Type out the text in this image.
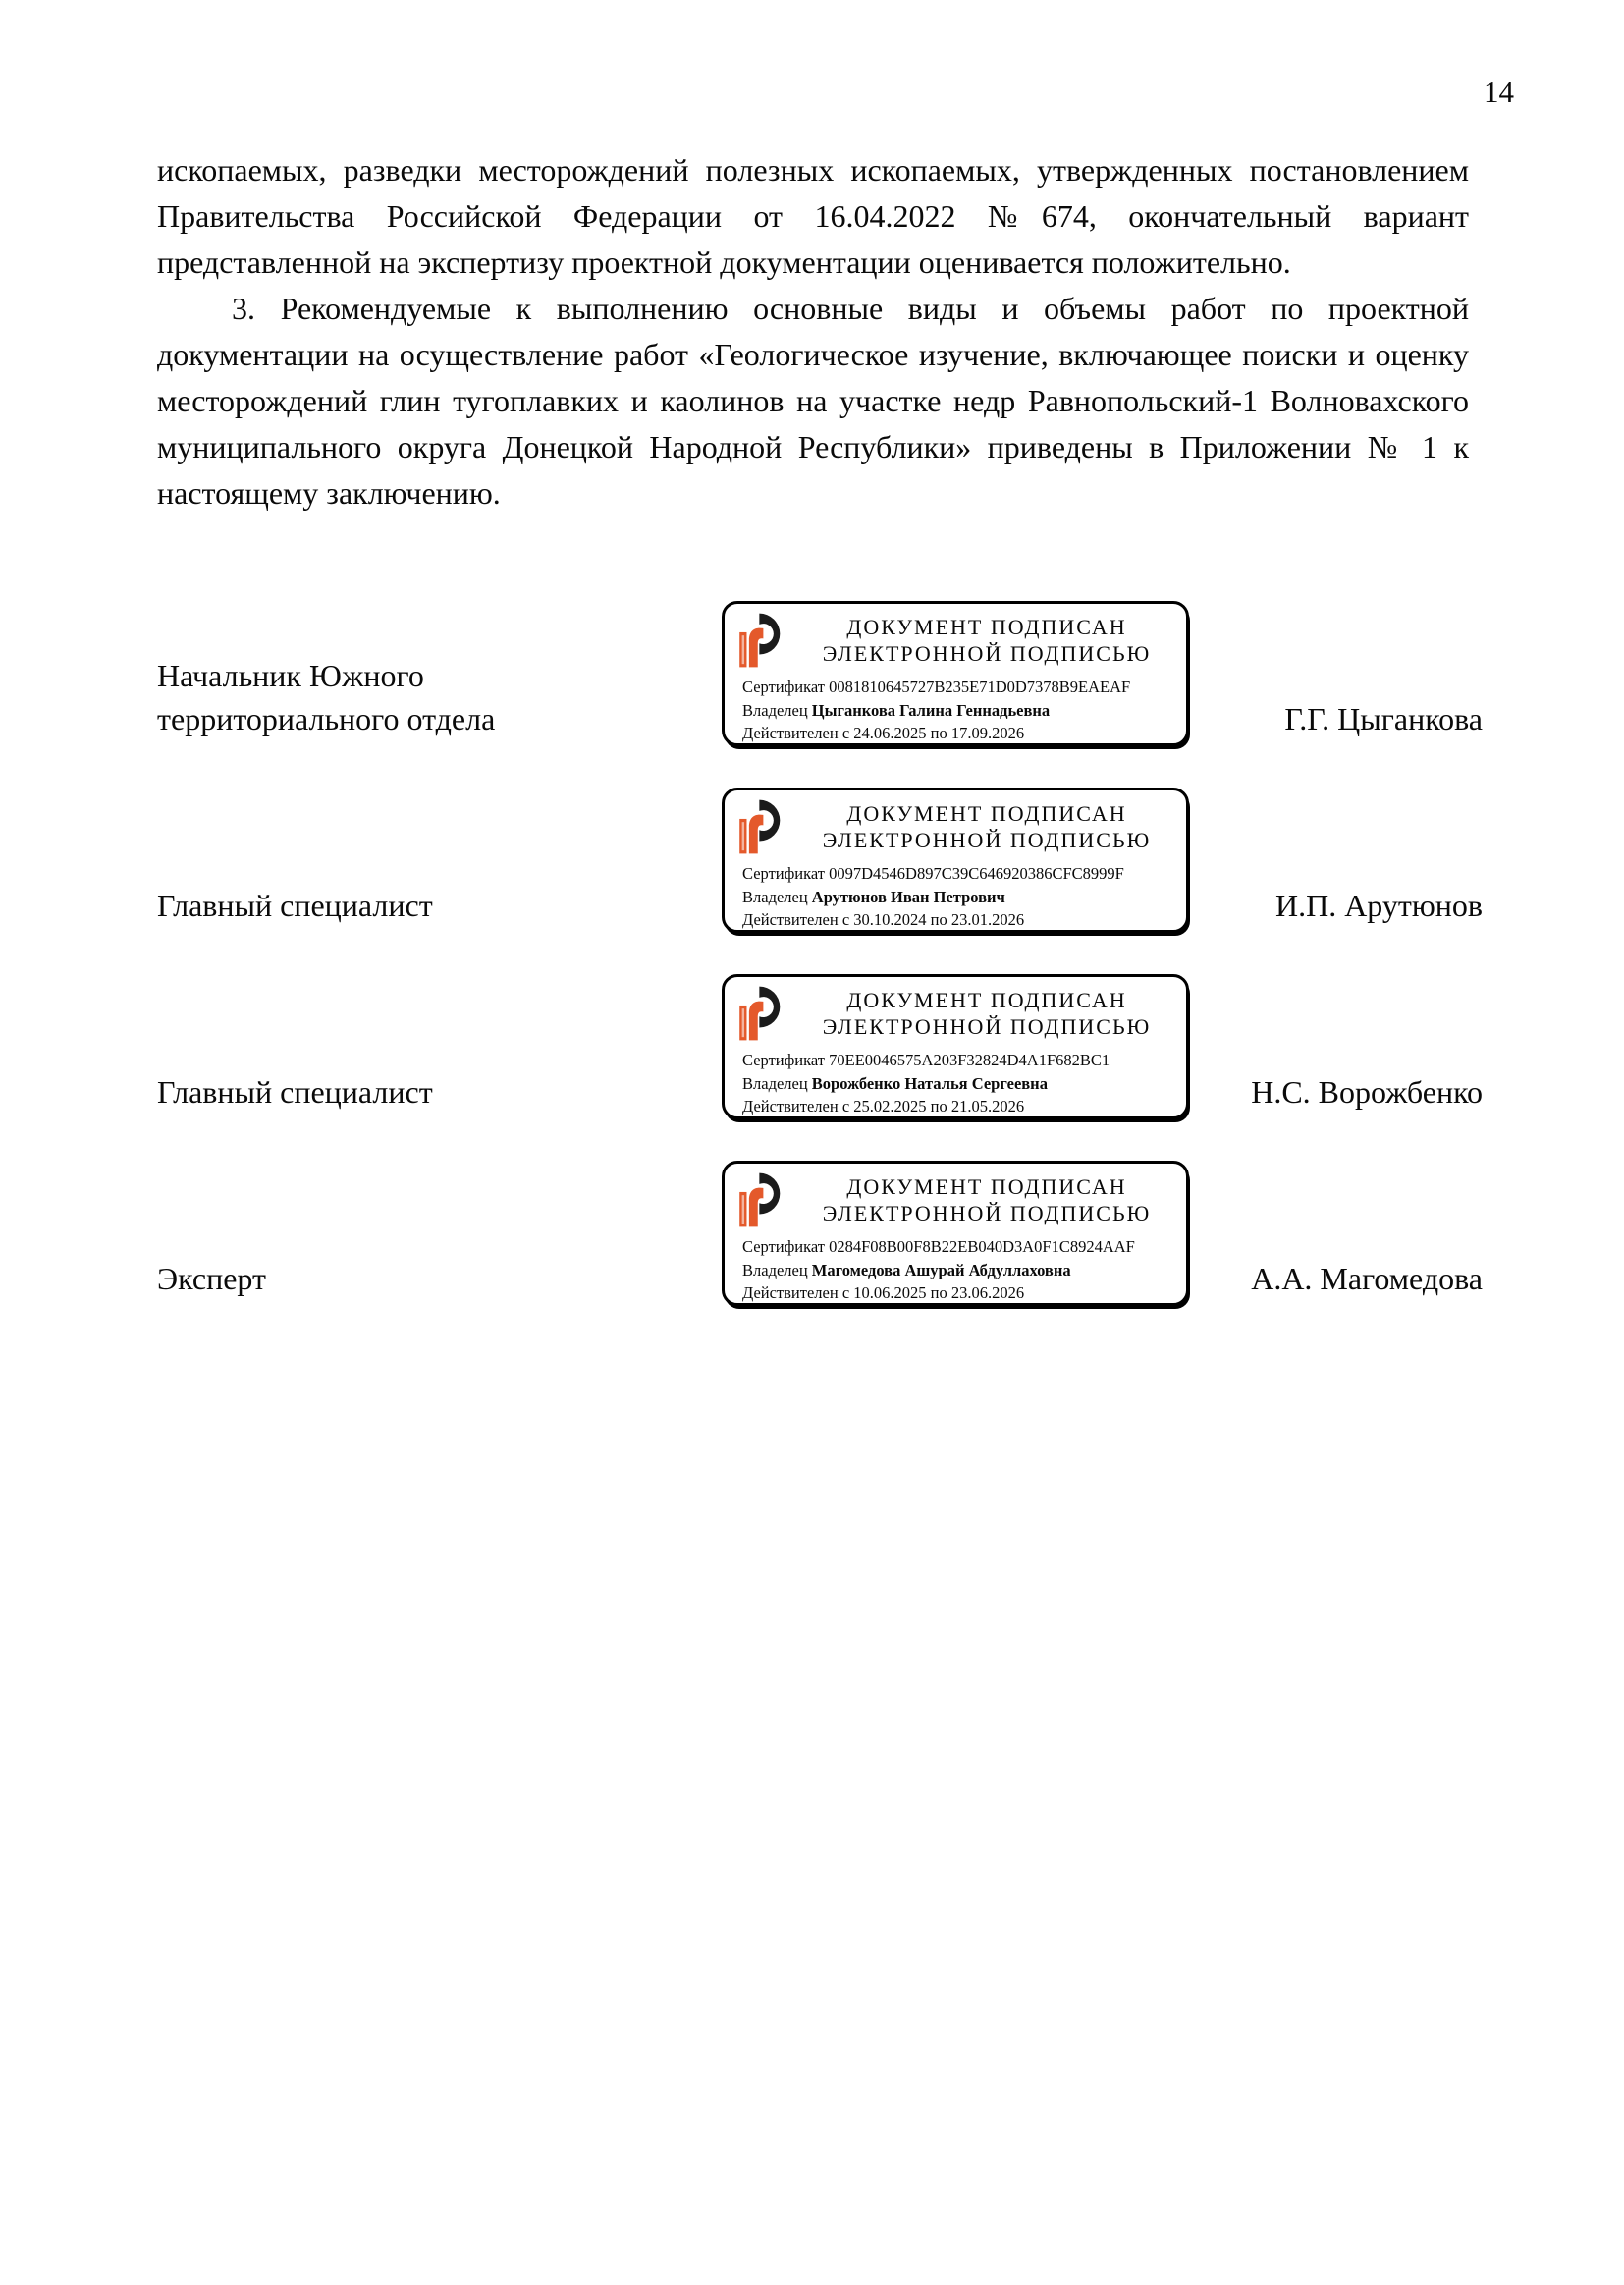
14

ископаемых, разведки месторождений полезных ископаемых, утвержденных постановлением Правительства Российской Федерации от 16.04.2022 №674, окончательный вариант представленной на экспертизу проектной документации оценивается положительно.

3. Рекомендуемые к выполнению основные виды и объемы работ по проектной документации на осуществление работ «Геологическое изучение, включающее поиски и оценку месторождений глин тугоплавких и каолинов на участке недр Равнопольский-1 Волновахского муниципального округа Донецкой Народной Республики» приведены в Приложении № 1 к настоящему заключению.

Начальник Южного территориального отдела
ДОКУМЕНТ ПОДПИСАН
ЭЛЕКТРОННОЙ ПОДПИСЬЮ
Сертификат 0081810645727B235E71D0D7378B9EAEAF
Владелец Цыганкова Галина Геннадьевна
Действителен с 24.06.2025 по 17.09.2026	Г.Г. Цыганкова
Главный специалист
ДОКУМЕНТ ПОДПИСАН
ЭЛЕКТРОННОЙ ПОДПИСЬЮ
Сертификат 0097D4546D897C39C646920386CFC8999F
Владелец Арутюнов Иван Петрович
Действителен с 30.10.2024 по 23.01.2026	И.П. Арутюнов
Главный специалист
ДОКУМЕНТ ПОДПИСАН
ЭЛЕКТРОННОЙ ПОДПИСЬЮ
Сертификат 70EE0046575A203F32824D4A1F682BC1
Владелец Ворожбенко Наталья Сергеевна
Действителен с 25.02.2025 по 21.05.2026	Н.С. Ворожбенко
Эксперт
ДОКУМЕНТ ПОДПИСАН
ЭЛЕКТРОННОЙ ПОДПИСЬЮ
Сертификат 0284F08B00F8B22EB040D3A0F1C8924AAF
Владелец Магомедова Ашурай Абдуллаховна
Действителен с 10.06.2025 по 23.06.2026	А.А. Магомедова
